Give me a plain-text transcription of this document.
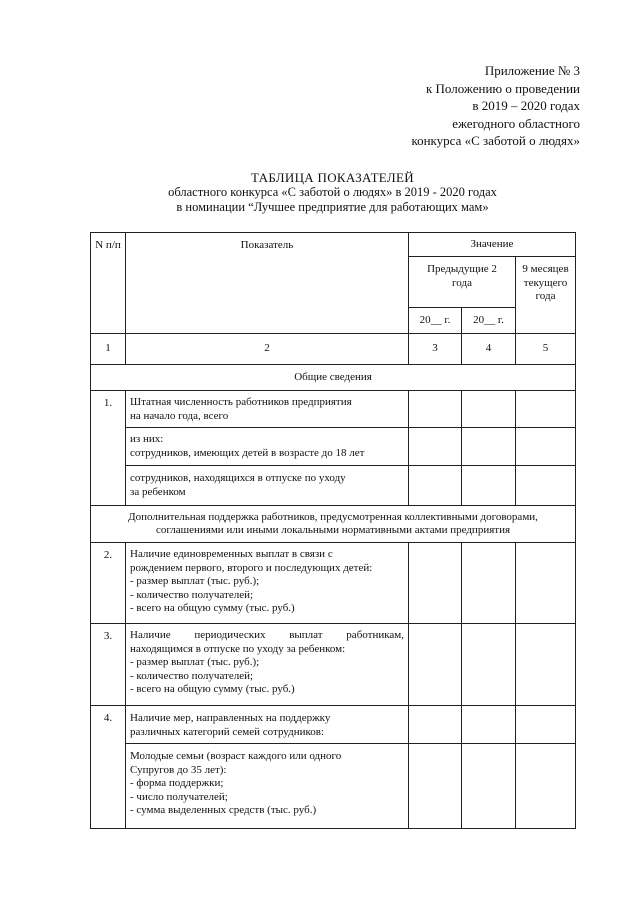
Приложение № 3
к Положению о проведении
в 2019 – 2020 годах
ежегодного областного
конкурса «С заботой о людях»
ТАБЛИЦА ПОКАЗАТЕЛЕЙ
областного конкурса «С заботой о людях» в 2019 - 2020 годах
в номинации “Лучшее предприятие для работающих мам»
N п/п	Показатель	Значение		
		Предыдущие 2 года		9 месяцев текущего года
		20__ г.	20__ г.	
1	2	3	4	5
Общие сведения				
1.	Штатная численность работников предприятия
на начало года, всего			

	из них:
сотрудников, имеющих детей в возрасте до 18 лет			

	сотрудников, находящихся в отпуске по уходу
за ребенком			

Дополнительная поддержка работников, предусмотренная коллективными договорами,
соглашениями или иными локальными нормативными актами предприятия				

2.	Наличие единовременных выплат в связи с
рождением первого, второго и последующих детей:
- размер выплат (тыс. руб.);
- количество получателей;
- всего на общую сумму (тыс. руб.)			

3.	Наличие периодических выплат работникам,
находящимся в отпуске по уходу за ребенком:
- размер выплат (тыс. руб.);
- количество получателей;
- всего на общую сумму (тыс. руб.)			

4.	Наличие мер, направленных на поддержку
различных категорий семей сотрудников:			

	Молодые семьи (возраст каждого или одного
Супругов до 35 лет):
- форма поддержки;
- число получателей;
- сумма выделенных средств (тыс. руб.)			
